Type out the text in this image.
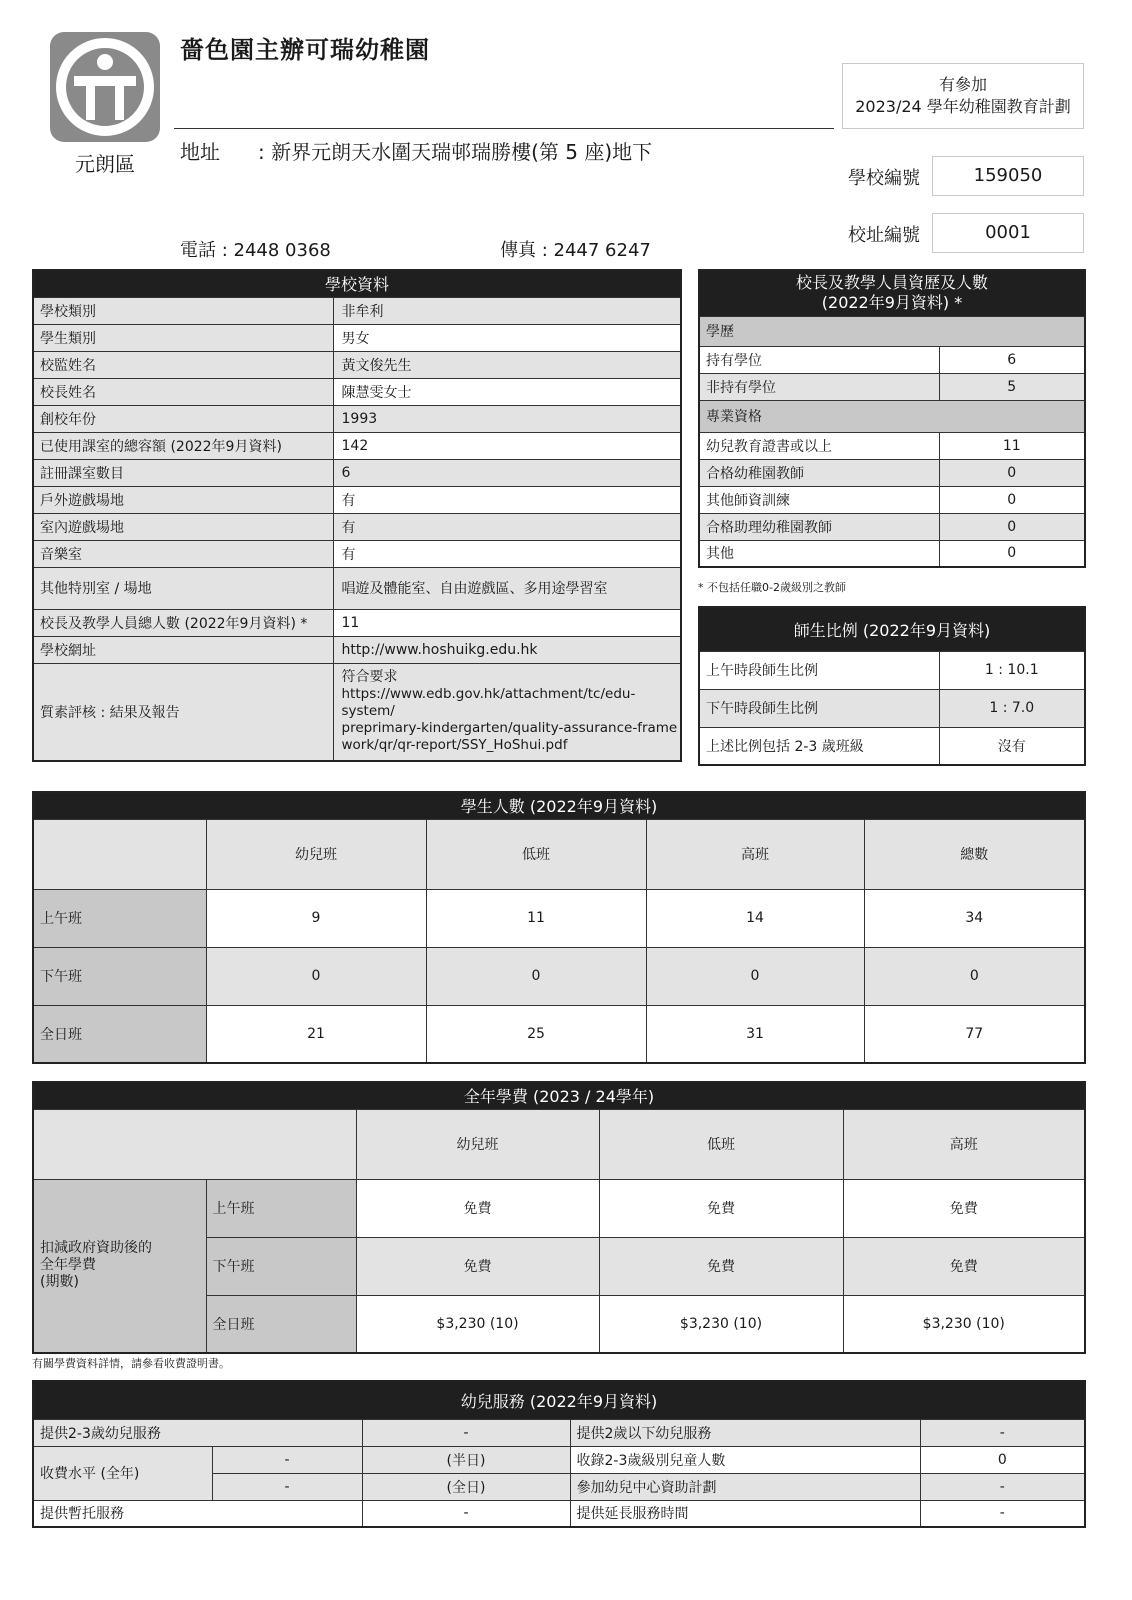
元朗區
嗇色園主辦可瑞幼稚園
地址 : 新界元朗天水圍天瑞邨瑞勝樓(第 5 座)地下
電話 : 2448 0368	傳真 : 2447 6247
有參加
2023/24 學年幼稚園教育計劃
學校編號	159050
校址編號	0001
學校資料	
學校類別	非牟利
學生類別	男女
校監姓名	黃文俊先生
校長姓名	陳慧雯女士
創校年份	1993
已使用課室的總容額 (2022年9月資料)	142
註冊課室數目	6
戶外遊戲場地	有
室內遊戲場地	有
音樂室	有
其他特別室 / 場地	唱遊及體能室、自由遊戲區、多用途學習室
校長及教學人員總人數 (2022年9月資料) *	11
學校網址	http://www.hoshuikg.edu.hk
質素評核 : 結果及報告	符合要求
https://www.edb.gov.hk/attachment/tc/edu-system/
preprimary-kindergarten/quality-assurance-frame
work/qr/qr-report/SSY_HoShui.pdf
校長及教學人員資歷及人數
(2022年9月資料) *	

學歷	
持有學位	6
非持有學位	5
專業資格	
幼兒教育證書或以上	11
合格幼稚園教師	0
其他師資訓練	0
合格助理幼稚園教師	0
其他	0
* 不包括任職0-2歲級別之教師
師生比例 (2022年9月資料)	
上午時段師生比例	1 : 10.1
下午時段師生比例	1 : 7.0
上述比例包括 2-3 歲班級	沒有
學生人數 (2022年9月資料)				
	幼兒班	低班	高班	總數
上午班	9	11	14	34
下午班	0	0	0	0
全日班	21	25	31	77
全年學費 (2023 / 24學年)				
		幼兒班	低班	高班

扣減政府資助後的
全年學費
(期數)	上午班	免費	免費	免費
	下午班	免費	免費	免費
	全日班	$3,230 (10)	$3,230 (10)	$3,230 (10)
有關學費資料詳情，請參看收費證明書。
幼兒服務 (2022年9月資料)				
提供2-3歲幼兒服務		-	提供2歲以下幼兒服務	-
收費水平 (全年)	-	(半日)	收錄2-3歲級別兒童人數	0
	-	(全日)	參加幼兒中心資助計劃	-
提供暫托服務		-	提供延長服務時間	-
